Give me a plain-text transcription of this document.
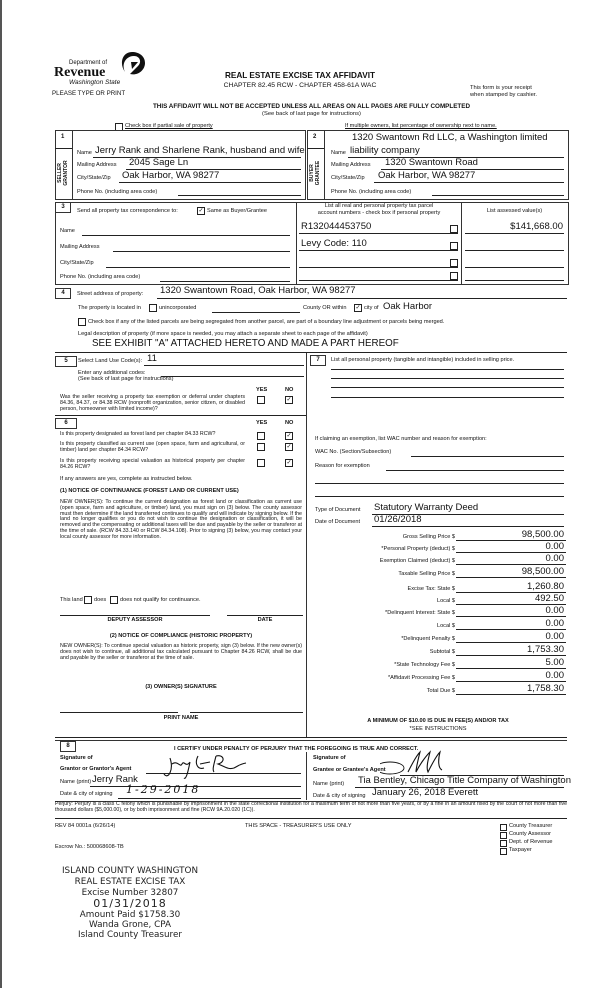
Department of
Revenue
Washington State
PLEASE TYPE OR PRINT
REAL ESTATE EXCISE TAX AFFIDAVIT
CHAPTER 82.45 RCW - CHAPTER 458-61A WAC	This form is your receipt
when stamped by cashier.
THIS AFFIDAVIT WILL NOT BE ACCEPTED UNLESS ALL AREAS ON ALL PAGES ARE FULLY COMPLETED
(See back of last page for instructions)
Check box if partial sale of property	If multiple owners, list percentage of ownership next to name.
1	2
SELLER
GRANTOR	BUYER
GRANTEE
Name Jerry Rank and Sharlene Rank, husband and wife
Mailing Address 2045 Sage Ln
City/State/Zip Oak Harbor, WA 98277
Phone No. (including area code)
1320 Swantown Rd LLC, a Washington limited
Name liability company
Mailing Address 1320 Swantown Road
City/State/Zip Oak Harbor, WA 98277
Phone No. (including area code)
3
Send all property tax correspondence to:	✓ Same as Buyer/Grantee
Name
Mailing Address
City/State/Zip
Phone No. (including area code)
List all real and personal property tax parcel
account numbers - check box if personal property	List assessed value(s)
R132044453750	$141,668.00
Levy Code: 110
4	Street address of property: 1320 Swantown Road, Oak Harbor, WA 98277
The property is located in	unincorporated	County OR within ✓ city of Oak Harbor
Check box if any of the listed parcels are being segregated from another parcel, are part of a boundary line adjustment or parcels being merged.
Legal description of property (if more space is needed, you may attach a separate sheet to each page of the affidavit)
SEE EXHIBIT "A" ATTACHED HERETO AND MADE A PART HEREOF
5	Select Land Use Code(s): 11
Enter any additional codes:
(See back of last page for instructions)
YES	NO
Was the seller receiving a property tax exemption or deferral under chapters 84.36, 84.37, or 84.38 RCW (nonprofit organization, senior citizen, or disabled person, homeowner with limited income)?
✓
6	YES	NO
Is this property designated as forest land per chapter 84.33 RCW?	✓
Is this property classified as current use (open space, farm and agricultural, or timber) land per chapter 84.34 RCW?	✓
Is this property receiving special valuation as historical property per chapter 84.26 RCW?
✓
If any answers are yes, complete as instructed below.
(1) NOTICE OF CONTINUANCE (FOREST LAND OR CURRENT USE)
NEW OWNER(S): To continue the current designation as forest land or classification as current use (open space, farm and agriculture, or timber) land, you must sign on (3) below. The county assessor must then determine if the land transferred continues to qualify and will indicate by signing below. If the land no longer qualifies or you do not wish to continue the designation or classification, it will be removed and the compensating or additional taxes will be due and payable by the seller or transferor at the time of sale. (RCW 84.33.140 or RCW 84.34.108). Prior to signing (3) below, you may contact your local county assessor for more information.
This land does does not qualify for continuance.
DEPUTY ASSESSOR	DATE
(2) NOTICE OF COMPLIANCE (HISTORIC PROPERTY)
NEW OWNER(S): To continue special valuation as historic property, sign (3) below. If the new owner(s) does not wish to continue, all additional tax calculated pursuant to Chapter 84.26 RCW, shall be due and payable by the seller or transferor at the time of sale.
(3) OWNER(S) SIGNATURE
PRINT NAME
7	List all personal property (tangible and intangible) included in selling price.
If claiming an exemption, list WAC number and reason for exemption:
WAC No. (Section/Subsection)
Reason for exemption
Type of Document Statutory Warranty Deed
Date of Document 01/26/2018
Gross Selling Price $	98,500.00
*Personal Property (deduct) $	0.00
Exemption Claimed (deduct) $	0.00
Taxable Selling Price $	98,500.00
Excise Tax: State $	1,260.80
Local $	492.50
*Delinquent Interest: State $	0.00
Local $	0.00
*Delinquent Penalty $	0.00
Subtotal $	1,753.30
*State Technology Fee $	5.00
*Affidavit Processing Fee $	0.00
Total Due $	1,758.30
A MINIMUM OF $10.00 IS DUE IN FEE(S) AND/OR TAX
*SEE INSTRUCTIONS
8	I CERTIFY UNDER PENALTY OF PERJURY THAT THE FOREGOING IS TRUE AND CORRECT.
Signature of
Grantor or Grantor's Agent
Name (print) Jerry Rank
Date & city of signing 1-29-2018
Signature of
Grantee or Grantee's Agent
Name (print) Tia Bentley, Chicago Title Company of Washington
Date & city of signing January 26, 2018 Everett
Perjury: Perjury is a class C felony which is punishable by imprisonment in the state correctional institution for a maximum term of not more than five years, or by a fine in an amount fixed by the court of not more than five thousand dollars ($5,000.00), or by both imprisonment and fine (RCW 9A.20.020 (1C)).
REV 84 0001a (6/26/14)	THIS SPACE - TREASURER'S USE ONLY
Escrow No.: 500068608-TB
County Treasurer
County Assessor
Dept. of Revenue
Taxpayer
ISLAND COUNTY WASHINGTON
REAL ESTATE EXCISE TAX
Excise Number 32807
01/31/2018
Amount Paid $1758.30
Wanda Grone, CPA
Island County Treasurer
